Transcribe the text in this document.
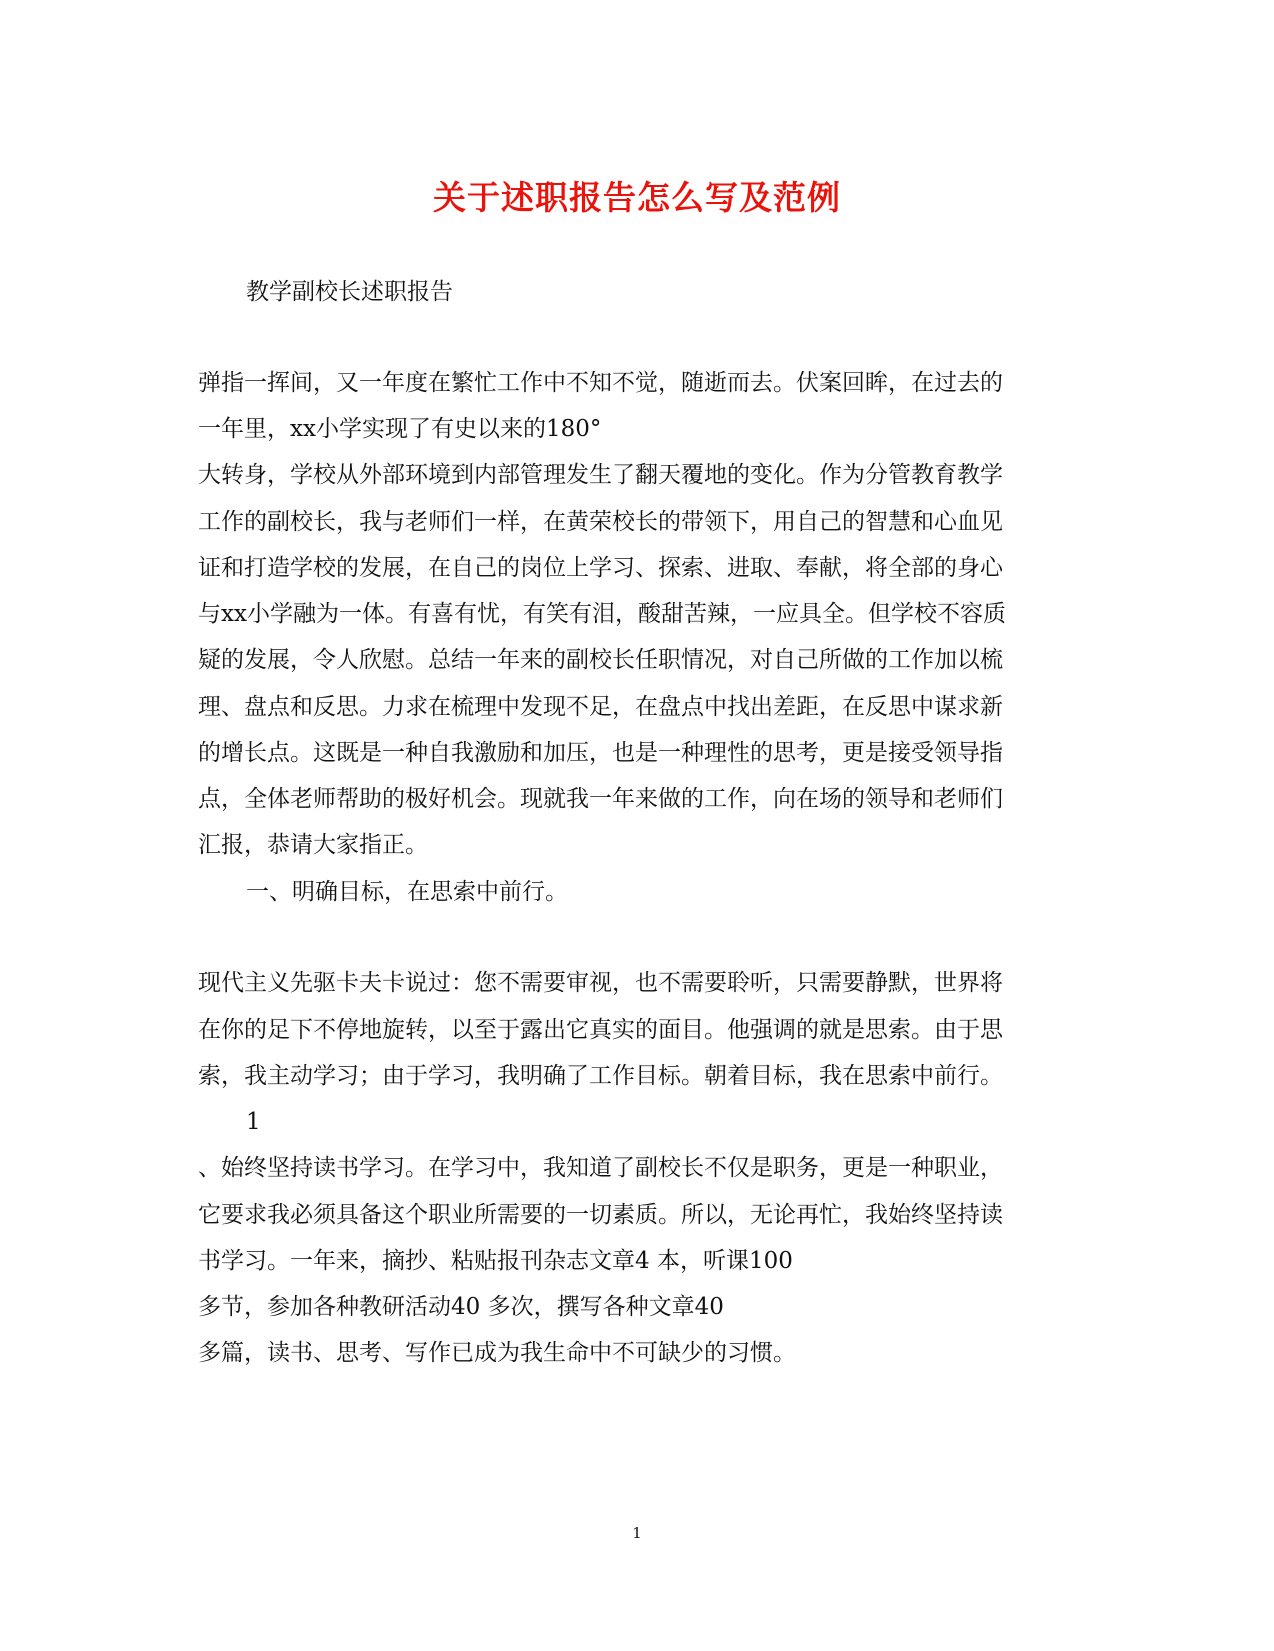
关于述职报告怎么写及范例
教学副校长述职报告
弹指一挥间，又一年度在繁忙工作中不知不觉，随逝而去。伏案回眸，在过去的
一年里，xx小学实现了有史以来的180°
大转身，学校从外部环境到内部管理发生了翻天覆地的变化。作为分管教育教学
工作的副校长，我与老师们一样，在黄荣校长的带领下，用自己的智慧和心血见
证和打造学校的发展，在自己的岗位上学习、探索、进取、奉献，将全部的身心
与xx小学融为一体。有喜有忧，有笑有泪，酸甜苦辣，一应具全。但学校不容质
疑的发展，令人欣慰。总结一年来的副校长任职情况，对自己所做的工作加以梳
理、盘点和反思。力求在梳理中发现不足，在盘点中找出差距，在反思中谋求新
的增长点。这既是一种自我激励和加压，也是一种理性的思考，更是接受领导指
点，全体老师帮助的极好机会。现就我一年来做的工作，向在场的领导和老师们
汇报，恭请大家指正。
一、明确目标，在思索中前行。
现代主义先驱卡夫卡说过：您不需要审视，也不需要聆听，只需要静默，世界将
在你的足下不停地旋转，以至于露出它真实的面目。他强调的就是思索。由于思
索，我主动学习；由于学习，我明确了工作目标。朝着目标，我在思索中前行。
1
、始终坚持读书学习。在学习中，我知道了副校长不仅是职务，更是一种职业，
它要求我必须具备这个职业所需要的一切素质。所以，无论再忙，我始终坚持读
书学习。一年来，摘抄、粘贴报刊杂志文章4 本，听课100
多节，参加各种教研活动40 多次，撰写各种文章40
多篇，读书、思考、写作已成为我生命中不可缺少的习惯。
1
